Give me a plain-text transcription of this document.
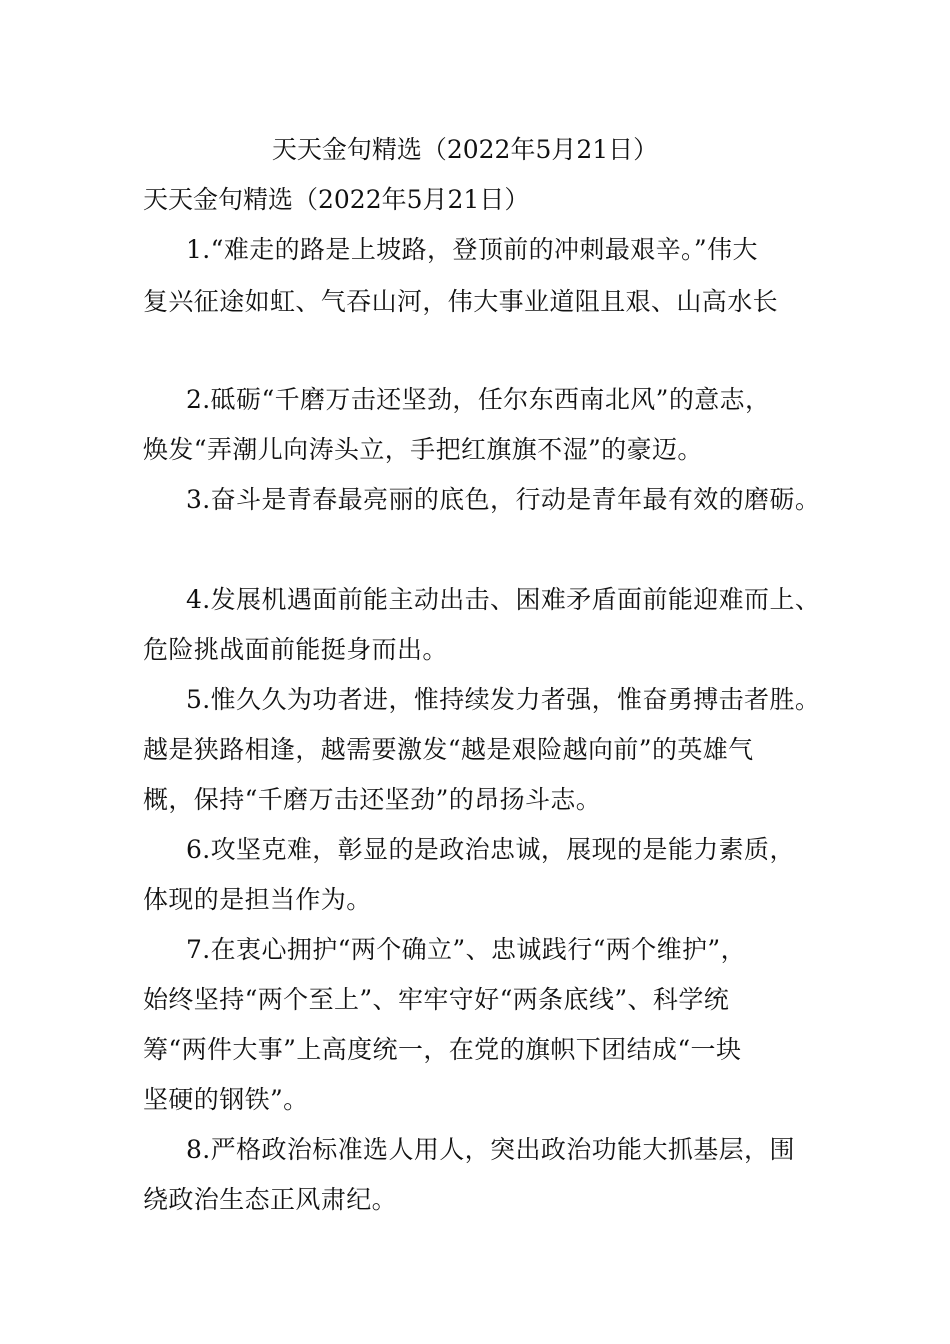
天天金句精选（2022年5月21日）
天天金句精选（2022年5月21日）
1.“难走的路是上坡路，登顶前的冲刺最艰辛。”伟大
复兴征途如虹、气吞山河，伟大事业道阻且艰、山高水长
2.砥砺“千磨万击还坚劲，任尔东西南北风”的意志，
焕发“弄潮儿向涛头立，手把红旗旗不湿”的豪迈。
3.奋斗是青春最亮丽的底色，行动是青年最有效的磨砺。
4.发展机遇面前能主动出击、困难矛盾面前能迎难而上、
危险挑战面前能挺身而出。
5.惟久久为功者进，惟持续发力者强，惟奋勇搏击者胜。
越是狭路相逢，越需要激发“越是艰险越向前”的英雄气
概，保持“千磨万击还坚劲”的昂扬斗志。
6.攻坚克难，彰显的是政治忠诚，展现的是能力素质，
体现的是担当作为。
7.在衷心拥护“两个确立”、忠诚践行“两个维护”，
始终坚持“两个至上”、牢牢守好“两条底线”、科学统
筹“两件大事”上高度统一，在党的旗帜下团结成“一块
坚硬的钢铁”。
8.严格政治标准选人用人，突出政治功能大抓基层，围
绕政治生态正风肃纪。
